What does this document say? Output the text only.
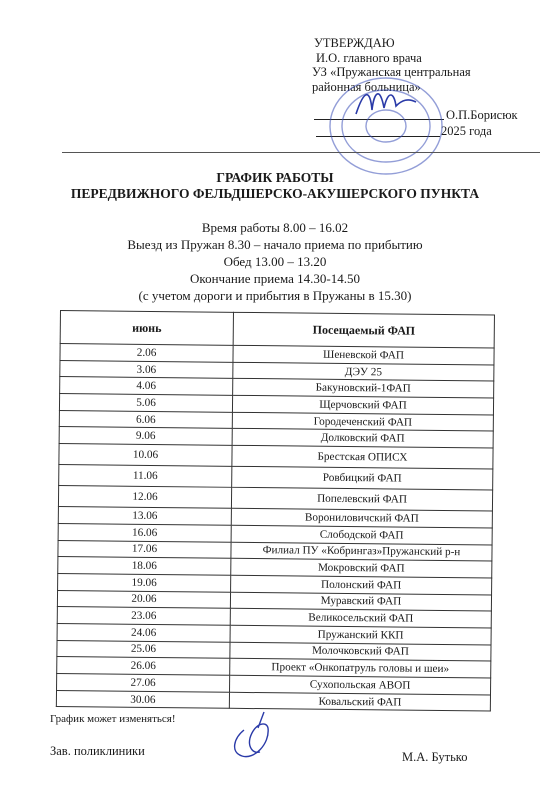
УТВЕРЖДАЮ
И.О. главного врача
УЗ «Пружанская центральная
районная больница»
О.П.Борисюк
2025 года
ГРАФИК РАБОТЫ
ПЕРЕДВИЖНОГО ФЕЛЬДШЕРСКО-АКУШЕРСКОГО ПУНКТА
Время работы 8.00 – 16.02
Выезд из Пружан 8.30 – начало приема по прибытию
Обед 13.00 – 13.20
Окончание приема 14.30-14.50
(с учетом дороги и прибытия в Пружаны в 15.30)
июнь	Посещаемый ФАП
2.06	Шеневской ФАП
3.06	ДЭУ 25
4.06	Бакуновский-1ФАП
5.06	Щерчовский ФАП
6.06	Городеченский ФАП
9.06	Долковский ФАП
10.06	Брестская ОПИСХ
11.06	Ровбицкий ФАП
12.06	Попелевский ФАП
13.06	Ворониловичский ФАП
16.06	Слободской ФАП
17.06	Филиал ПУ «Кобрингаз»Пружанский р-н
18.06	Мокровский ФАП
19.06	Полонский ФАП
20.06	Муравский ФАП
23.06	Великосельский ФАП
24.06	Пружанский ККП
25.06	Молочковский ФАП
26.06	Проект «Онкопатруль головы и шеи»
27.06	Сухопольская АВОП
30.06	Ковальский ФАП
График может изменяться!
Зав. поликлиники	М.А. Бутько
